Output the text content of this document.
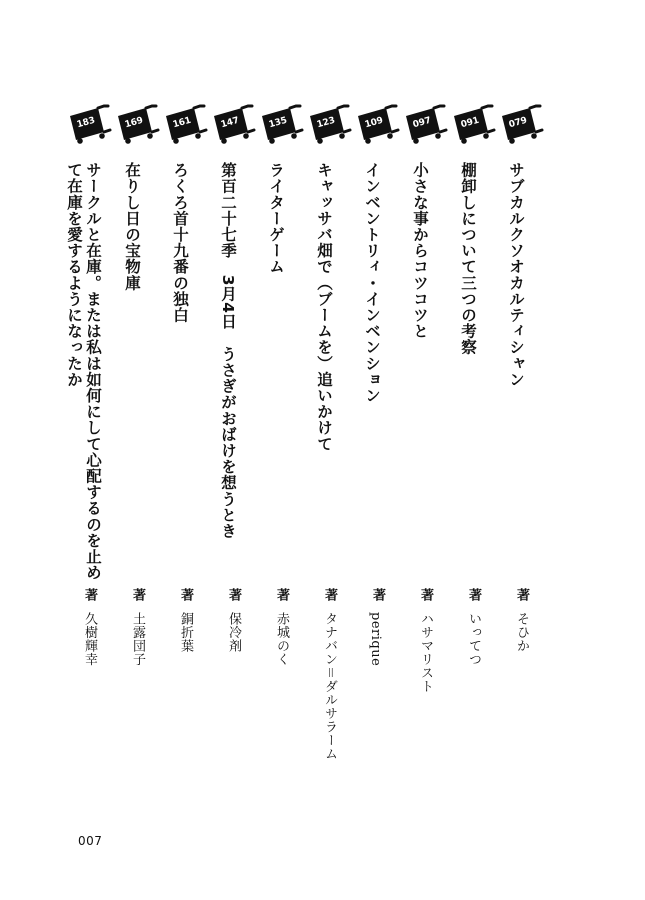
079
サブカルクソオカルティシャン
著
そひか
091
棚卸しについて三つの考察
著
いってつ
097
小さな事からコツコツと
著
ハサマリスト
109
インベントリィ・インベンション
著
perique
123
キャッサバ畑で（ブームを）追いかけて
著
タナバン＝ダルサラーム
135
ライターゲーム
著
赤城のく
147
第百二十七季　3月4日　うさぎがおばけを想うとき
著
保冷剤
161
ろくろ首十九番の独白
著
銅折葉
169
在りし日の宝物庫
著
土露団子
183
サークルと在庫。または私は如何にして心配するのを止めて在庫を愛するようになったか
著
久樹輝幸
007
